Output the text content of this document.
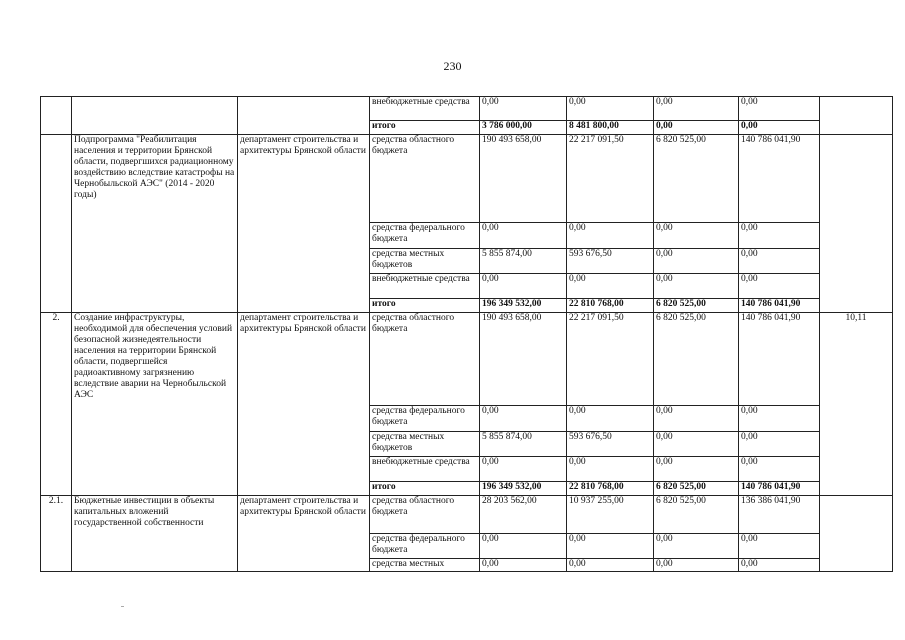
230
			внебюджетные средства	0,00	0,00	0,00	0,00	
			итого	3 786 000,00	8 481 800,00	0,00	0,00	
	Подпрограмма "Реабилитация населения и территории Брянской области, подвергшихся радиационному воздействию вследствие катастрофы на Чернобыльской АЭС" (2014 - 2020 годы)	департамент строительства и архитектуры Брянской области	средства областного бюджета	190 493 658,00	22 217 091,50	6 820 525,00	140 786 041,90	
			средства федерального бюджета	0,00	0,00	0,00	0,00	
			средства местных бюджетов	5 855 874,00	593 676,50	0,00	0,00	
			внебюджетные средства	0,00	0,00	0,00	0,00	
			итого	196 349 532,00	22 810 768,00	6 820 525,00	140 786 041,90	
2.	Создание инфраструктуры, необходимой для обеспечения условий безопасной жизнедеятельности населения на территории Брянской области, подвергшейся радиоактивному загрязнению вследствие аварии на Чернобыльской АЭС	департамент строительства и архитектуры Брянской области	средства областного бюджета	190 493 658,00	22 217 091,50	6 820 525,00	140 786 041,90	10,11
			средства федерального бюджета	0,00	0,00	0,00	0,00	
			средства местных бюджетов	5 855 874,00	593 676,50	0,00	0,00	
			внебюджетные средства	0,00	0,00	0,00	0,00	
			итого	196 349 532,00	22 810 768,00	6 820 525,00	140 786 041,90	
2.1.	Бюджетные инвестиции в объекты капитальных вложений государственной собственности	департамент строительства и архитектуры Брянской области	средства областного бюджета	28 203 562,00	10 937 255,00	6 820 525,00	136 386 041,90	
			средства федерального бюджета	0,00	0,00	0,00	0,00	
			средства местных	0,00	0,00	0,00	0,00	
